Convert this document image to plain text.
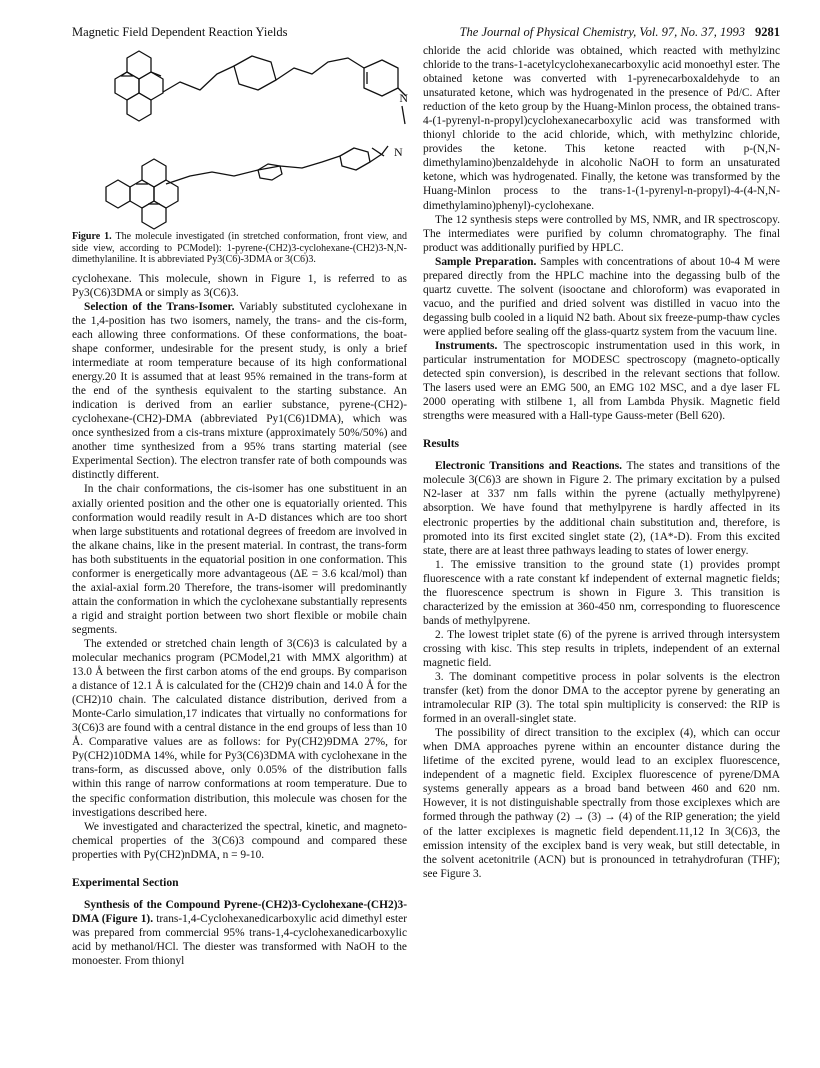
Magnetic Field Dependent Reaction Yields	The Journal of Physical Chemistry, Vol. 97, No. 37, 1993 9281
N
N
Figure 1. The molecule investigated (in stretched conformation, front view, and side view, according to PCModel): 1-pyrene-(CH2)3-cyclohexane-(CH2)3-N,N-dimethylaniline. It is abbreviated Py3(C6)-3DMA or 3(C6)3.

cyclohexane. This molecule, shown in Figure 1, is referred to as Py3(C6)3DMA or simply as 3(C6)3.

Selection of the Trans-Isomer. Variably substituted cyclohexane in the 1,4-position has two isomers, namely, the trans- and the cis-form, each allowing three conformations. Of these conformations, the boat-shape conformer, undesirable for the present study, is only a brief intermediate at room temperature because of its high conformational energy.20 It is assumed that at least 95% remained in the trans-form at the end of the synthesis equivalent to the starting substance. An indication is derived from an earlier substance, pyrene-(CH2)-cyclohexane-(CH2)-DMA (abbreviated Py1(C6)1DMA), which was once synthesized from a cis-trans mixture (approximately 50%/50%) and another time synthesized from a 95% trans starting material (see Experimental Section). The electron transfer rate of both compounds was distinctly different.

In the chair conformations, the cis-isomer has one substituent in an axially oriented position and the other one is equatorially oriented. This conformation would readily result in A-D distances which are too short when large substituents and rotational degrees of freedom are involved in the alkane chains, like in the present material. In contrast, the trans-form has both substituents in the equatorial position in one conformation. This conformer is energetically more advantageous (ΔE = 3.6 kcal/mol) than the axial-axial form.20 Therefore, the trans-isomer will predominantly attain the conformation in which the cyclohexane substantially represents a rigid and straight portion between two short flexible or mobile chain segments.

The extended or stretched chain length of 3(C6)3 is calculated by a molecular mechanics program (PCModel,21 with MMX algorithm) at 13.0 Å between the first carbon atoms of the end groups. By comparison a distance of 12.1 Å is calculated for the (CH2)9 chain and 14.0 Å for the (CH2)10 chain. The calculated distance distribution, derived from a Monte-Carlo simulation,17 indicates that virtually no conformations for 3(C6)3 are found with a central distance in the end groups of less than 10 Å. Comparative values are as follows: for Py(CH2)9DMA 27%, for Py(CH2)10DMA 14%, while for Py3(C6)3DMA with cyclohexane in the trans-form, as discussed above, only 0.05% of the distribution falls within this range of narrow conformations at room temperature. Due to the specific conformation distribution, this molecule was chosen for the investigations described here.

We investigated and characterized the spectral, kinetic, and magneto-chemical properties of the 3(C6)3 compound and compared these properties with Py(CH2)nDMA, n = 9-10.

Experimental Section

Synthesis of the Compound Pyrene-(CH2)3-Cyclohexane-(CH2)3-DMA (Figure 1). trans-1,4-Cyclohexanedicarboxylic acid dimethyl ester was prepared from commercial 95% trans-1,4-cyclohexanedicarboxylic acid by methanol/HCl. The diester was transformed with NaOH to the monoester. From thionyl

chloride the acid chloride was obtained, which reacted with methylzinc chloride to the trans-1-acetylcyclohexanecarboxylic acid monoethyl ester. The obtained ketone was converted with 1-pyrenecarboxaldehyde to an unsaturated ketone, which was hydrogenated in the presence of Pd/C. After reduction of the keto group by the Huang-Minlon process, the obtained trans-4-(1-pyrenyl-n-propyl)cyclohexanecarboxylic acid was transformed with thionyl chloride to the acid chloride, which, with methylzinc chloride, provides the ketone. This ketone reacted with p-(N,N-dimethylamino)benzaldehyde in alcoholic NaOH to form an unsaturated ketone, which was hydrogenated. Finally, the ketone was transformed by the Huang-Minlon process to the trans-1-(1-pyrenyl-n-propyl)-4-(4-N,N-dimethylamino)phenyl)-cyclohexane.

The 12 synthesis steps were controlled by MS, NMR, and IR spectroscopy. The intermediates were purified by column chromatography. The final product was additionally purified by HPLC.

Sample Preparation. Samples with concentrations of about 10-4 M were prepared directly from the HPLC machine into the degassing bulb of the quartz cuvette. The solvent (isooctane and chloroform) was evaporated in vacuo, and the purified and dried solvent was distilled in vacuo into the degassing bulb cooled in a liquid N2 bath. About six freeze-pump-thaw cycles were applied before sealing off the glass-quartz system from the vacuum line.

Instruments. The spectroscopic instrumentation used in this work, in particular instrumentation for MODESC spectroscopy (magneto-optically detected spin conversion), is described in the relevant sections that follow. The lasers used were an EMG 500, an EMG 102 MSC, and a dye laser FL 2000 operating with stilbene 1, all from Lambda Physik. Magnetic field strengths were measured with a Hall-type Gauss-meter (Bell 620).

Results

Electronic Transitions and Reactions. The states and transitions of the molecule 3(C6)3 are shown in Figure 2. The primary excitation by a pulsed N2-laser at 337 nm falls within the pyrene (actually methylpyrene) absorption. We have found that methylpyrene is hardly affected in its electronic properties by the additional chain substitution and, therefore, is promoted into its first excited singlet state (2), (1A*-D). From this excited state, there are at least three pathways leading to states of lower energy.

1. The emissive transition to the ground state (1) provides prompt fluorescence with a rate constant kf independent of external magnetic fields; the fluorescence spectrum is shown in Figure 3. This transition is characterized by the emission at 360-450 nm, corresponding to fluorescence bands of methylpyrene.

2. The lowest triplet state (6) of the pyrene is arrived through intersystem crossing with kisc. This step results in triplets, independent of an external magnetic field.

3. The dominant competitive process in polar solvents is the electron transfer (ket) from the donor DMA to the acceptor pyrene by generating an intramolecular RIP (3). The total spin multiplicity is conserved: the RIP is formed in an overall-singlet state.

The possibility of direct transition to the exciplex (4), which can occur when DMA approaches pyrene within an encounter distance during the lifetime of the excited pyrene, would lead to an exciplex fluorescence, independent of a magnetic field. Exciplex fluorescence of pyrene/DMA systems generally appears as a broad band between 460 and 620 nm. However, it is not distinguishable spectrally from those exciplexes which are formed through the pathway (2) → (3) → (4) of the RIP generation; the yield of the latter exciplexes is magnetic field dependent.11,12 In 3(C6)3, the emission intensity of the exciplex band is very weak, but still detectable, in the solvent acetonitrile (ACN) but is pronounced in tetrahydrofuran (THF); see Figure 3.
